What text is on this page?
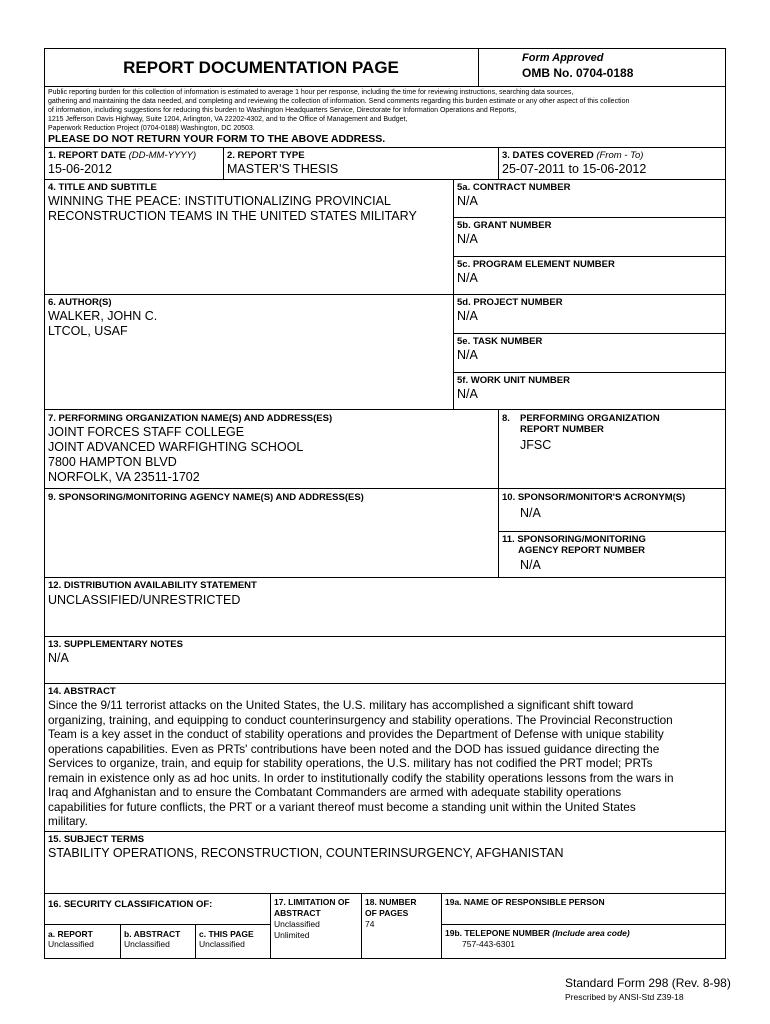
REPORT DOCUMENTATION PAGE	Form Approved
OMB No. 0704-0188
Public reporting burden for this collection of information is estimated to average 1 hour per response, including the time for reviewing instructions, searching data sources,
gathering and maintaining the data needed, and completing and reviewing the collection of information. Send comments regarding this burden estimate or any other aspect of this collection
of information, including suggestions for reducing this burden to Washington Headquarters Service, Directorate for Information Operations and Reports,
1215 Jefferson Davis Highway, Suite 1204, Arlington, VA 22202-4302, and to the Office of Management and Budget,
Paperwork Reduction Project (0704-0188) Washington, DC 20503.
PLEASE DO NOT RETURN YOUR FORM TO THE ABOVE ADDRESS.
1. REPORT DATE (DD-MM-YYYY)
15-06-2012
2. REPORT TYPE
MASTER'S THESIS
3. DATES COVERED (From - To)
25-07-2011 to 15-06-2012
4. TITLE AND SUBTITLE
WINNING THE PEACE: INSTITUTIONALIZING PROVINCIAL
RECONSTRUCTION TEAMS IN THE UNITED STATES MILITARY
5a. CONTRACT NUMBER
N/A
5b. GRANT NUMBER
N/A
5c. PROGRAM ELEMENT NUMBER
N/A
6. AUTHOR(S)
WALKER, JOHN C.
LTCOL, USAF
5d. PROJECT NUMBER
N/A
5e. TASK NUMBER
N/A
5f. WORK UNIT NUMBER
N/A
7. PERFORMING ORGANIZATION NAME(S) AND ADDRESS(ES)
JOINT FORCES STAFF COLLEGE
JOINT ADVANCED WARFIGHTING SCHOOL
7800 HAMPTON BLVD
NORFOLK, VA 23511-1702
8. PERFORMING ORGANIZATION
REPORT NUMBER
JFSC
9. SPONSORING/MONITORING AGENCY NAME(S) AND ADDRESS(ES)	10. SPONSOR/MONITOR'S ACRONYM(S)
N/A
11. SPONSORING/MONITORING
AGENCY REPORT NUMBER
N/A
12. DISTRIBUTION AVAILABILITY STATEMENT
UNCLASSIFIED/UNRESTRICTED
13. SUPPLEMENTARY NOTES
N/A
14. ABSTRACT
Since the 9/11 terrorist attacks on the United States, the U.S. military has accomplished a significant shift toward
organizing, training, and equipping to conduct counterinsurgency and stability operations. The Provincial Reconstruction
Team is a key asset in the conduct of stability operations and provides the Department of Defense with unique stability
operations capabilities. Even as PRTs' contributions have been noted and the DOD has issued guidance directing the
Services to organize, train, and equip for stability operations, the U.S. military has not codified the PRT model; PRTs
remain in existence only as ad hoc units. In order to institutionally codify the stability operations lessons from the wars in
Iraq and Afghanistan and to ensure the Combatant Commanders are armed with adequate stability operations
capabilities for future conflicts, the PRT or a variant thereof must become a standing unit within the United States
military.
15. SUBJECT TERMS
STABILITY OPERATIONS, RECONSTRUCTION, COUNTERINSURGENCY, AFGHANISTAN
16. SECURITY CLASSIFICATION OF:
a. REPORT
Unclassified
b. ABSTRACT
Unclassified
c. THIS PAGE
Unclassified
17. LIMITATION OF
ABSTRACT
Unclassified
Unlimited
18. NUMBER
OF PAGES
74
19a. NAME OF RESPONSIBLE PERSON
19b. TELEPONE NUMBER (Include area code)
757-443-6301
Standard Form 298 (Rev. 8-98)
Prescribed by ANSI-Std Z39-18
